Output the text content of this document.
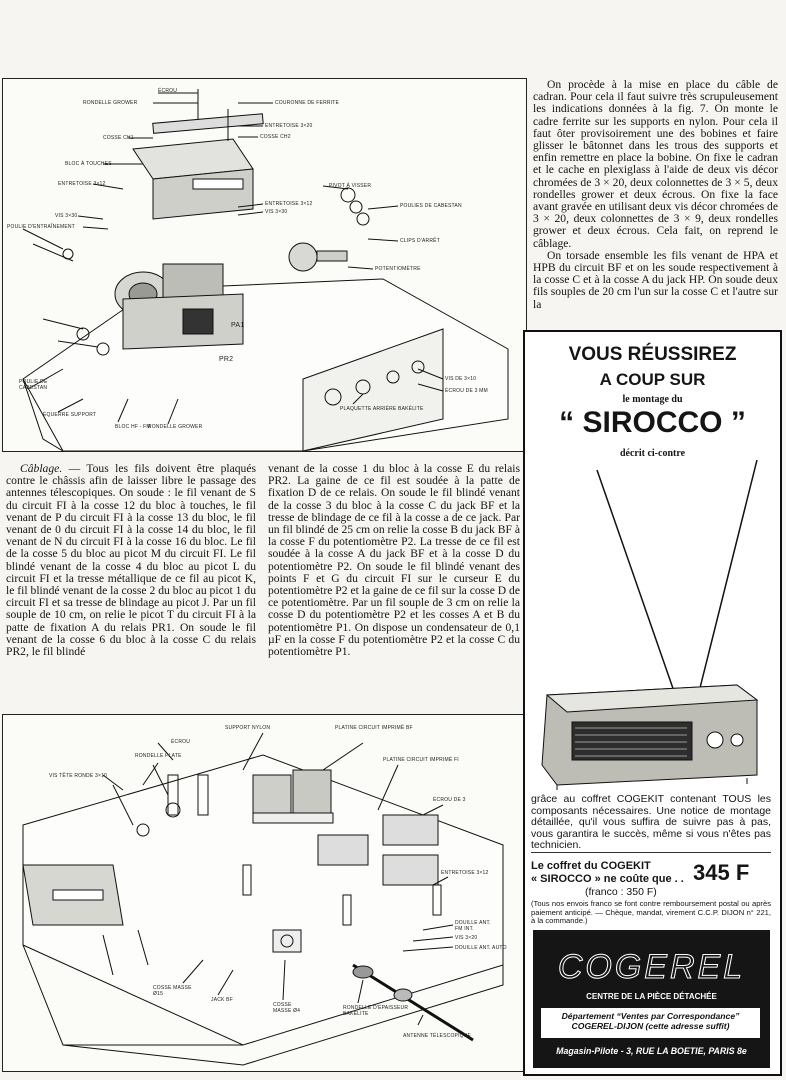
ÉCROU
RONDELLE GROWER	COURONNE DE FERRITE
ENTRETOISE 3×20
COSSE CH2
COSSE CH1
BLOC À TOUCHES
ENTRETOISE 3×12
VIS 3×30
POULIE D'ENTRAÎNEMENT
ENTRETOISE 3×12
VIS 3×30
PIVOT À VISSER
POULIES DE CABESTAN
CLIPS D'ARRÊT
POTENTIOMÈTRE
PA1
PR2
VIS DE 3×10
ÉCROU DE 3 MM
PLAQUETTE ARRIÈRE BAKÉLITE
POULIE DE CABESTAN
ÉQUERRE SUPPORT
BLOC HF - FM
RONDELLE GROWER

On procède à la mise en place du câble de cadran. Pour cela il faut suivre très scrupuleusement les indications données à la fig. 7. On monte le cadre ferrite sur les supports en nylon. Pour cela il faut ôter provisoirement une des bobines et faire glisser le bâtonnet dans les trous des supports et enfin remettre en place la bobine. On fixe le cadran et le cache en plexiglass à l'aide de deux vis décor chromées de 3 × 20, deux colonnettes de 3 × 5, deux rondelles grower et deux écrous. On fixe la face avant gravée en utilisant deux vis décor chromées de 3 × 20, deux colonnettes de 3 × 9, deux rondelles grower et deux écrous. Cela fait, on reprend le câblage.

On torsade ensemble les fils venant de HPA et HPB du circuit BF et on les soude respectivement à la cosse C et à la cosse A du jack HP. On soude deux fils souples de 20 cm l'un sur la cosse C et l'autre sur la

Câblage. — Tous les fils doivent être plaqués contre le châssis afin de laisser libre le passage des antennes télescopiques. On soude : le fil venant de S du circuit FI à la cosse 12 du bloc à touches, le fil venant de P du circuit FI à la cosse 13 du bloc, le fil venant de 0 du circuit FI à la cosse 14 du bloc, le fil venant de N du circuit FI à la cosse 16 du bloc. Le fil de la cosse 5 du bloc au picot M du circuit FI. Le fil blindé venant de la cosse 4 du bloc au picot L du circuit FI et la tresse métallique de ce fil au picot K, le fil blindé venant de la cosse 2 du bloc au picot 1 du circuit FI et sa tresse de blindage au picot J. Par un fil souple de 10 cm, on relie le picot T du circuit FI à la patte de fixation A du relais PR1. On soude le fil venant de la cosse 6 du bloc à la cosse C du relais PR2, le fil blindé

venant de la cosse 1 du bloc à la cosse E du relais PR2. La gaine de ce fil est soudée à la patte de fixation D de ce relais. On soude le fil blindé venant de la cosse 3 du bloc à la cosse C du jack BF et la tresse de blindage de ce fil à la cosse a de ce jack. Par un fil blindé de 25 cm on relie la cosse B du jack BF à la cosse F du potentiomètre P2. La tresse de ce fil est soudée à la cosse A du jack BF et à la cosse D du potentiomètre P2. On soude le fil blindé venant des points F et G du circuit FI sur le curseur E du potentiomètre P2 et la gaine de ce fil sur la cosse D de ce potentiomètre. Par un fil souple de 3 cm on relie la cosse D du potentiomètre P2 et les cosses A et B du potentiomètre P1. On dispose un condensateur de 0,1 µF en la cosse F du potentiomètre P2 et la cosse C du potentiomètre P1.

ÉCROU
SUPPORT NYLON	PLATINE CIRCUIT IMPRIMÉ BF
RONDELLE PLATE
PLATINE CIRCUIT IMPRIMÉ FI
VIS TÊTE RONDE 3×10
ÉCROU DE 3
ENTRETOISE 3×12
DOUILLE ANT. FM INT.
VIS 3×20
DOUILLE ANT. AUTO
COSSE MASSE Ø15
JACK BF
COSSE MASSE Ø4	RONDELLE D'ÉPAISSEUR BAKÉLITE
ANTENNE TÉLESCOPIQUE
VOUS RÉUSSIREZ
A COUP SUR
le montage du
“ SIROCCO ”
décrit ci-contre
grâce au coffret COGEKIT contenant TOUS les composants nécessaires. Une notice de montage détaillée, qu'il vous suffira de suivre pas à pas, vous garantira le succès, même si vous n'êtes pas technicien.
Le coffret du COGEKIT
« SIROCCO » ne coûte que . . 345 F
(franco : 350 F)
(Tous nos envois franco se font contre remboursement postal ou après paiement anticipé. — Chèque, mandat, virement C.C.P. DIJON n° 221, à la commande.)
COGEREL
CENTRE DE LA PIÈCE DÉTACHÉE
Département “Ventes par Correspondance”
COGEREL-DIJON (cette adresse suffit)
Magasin-Pilote - 3, RUE LA BOETIE, PARIS 8e
